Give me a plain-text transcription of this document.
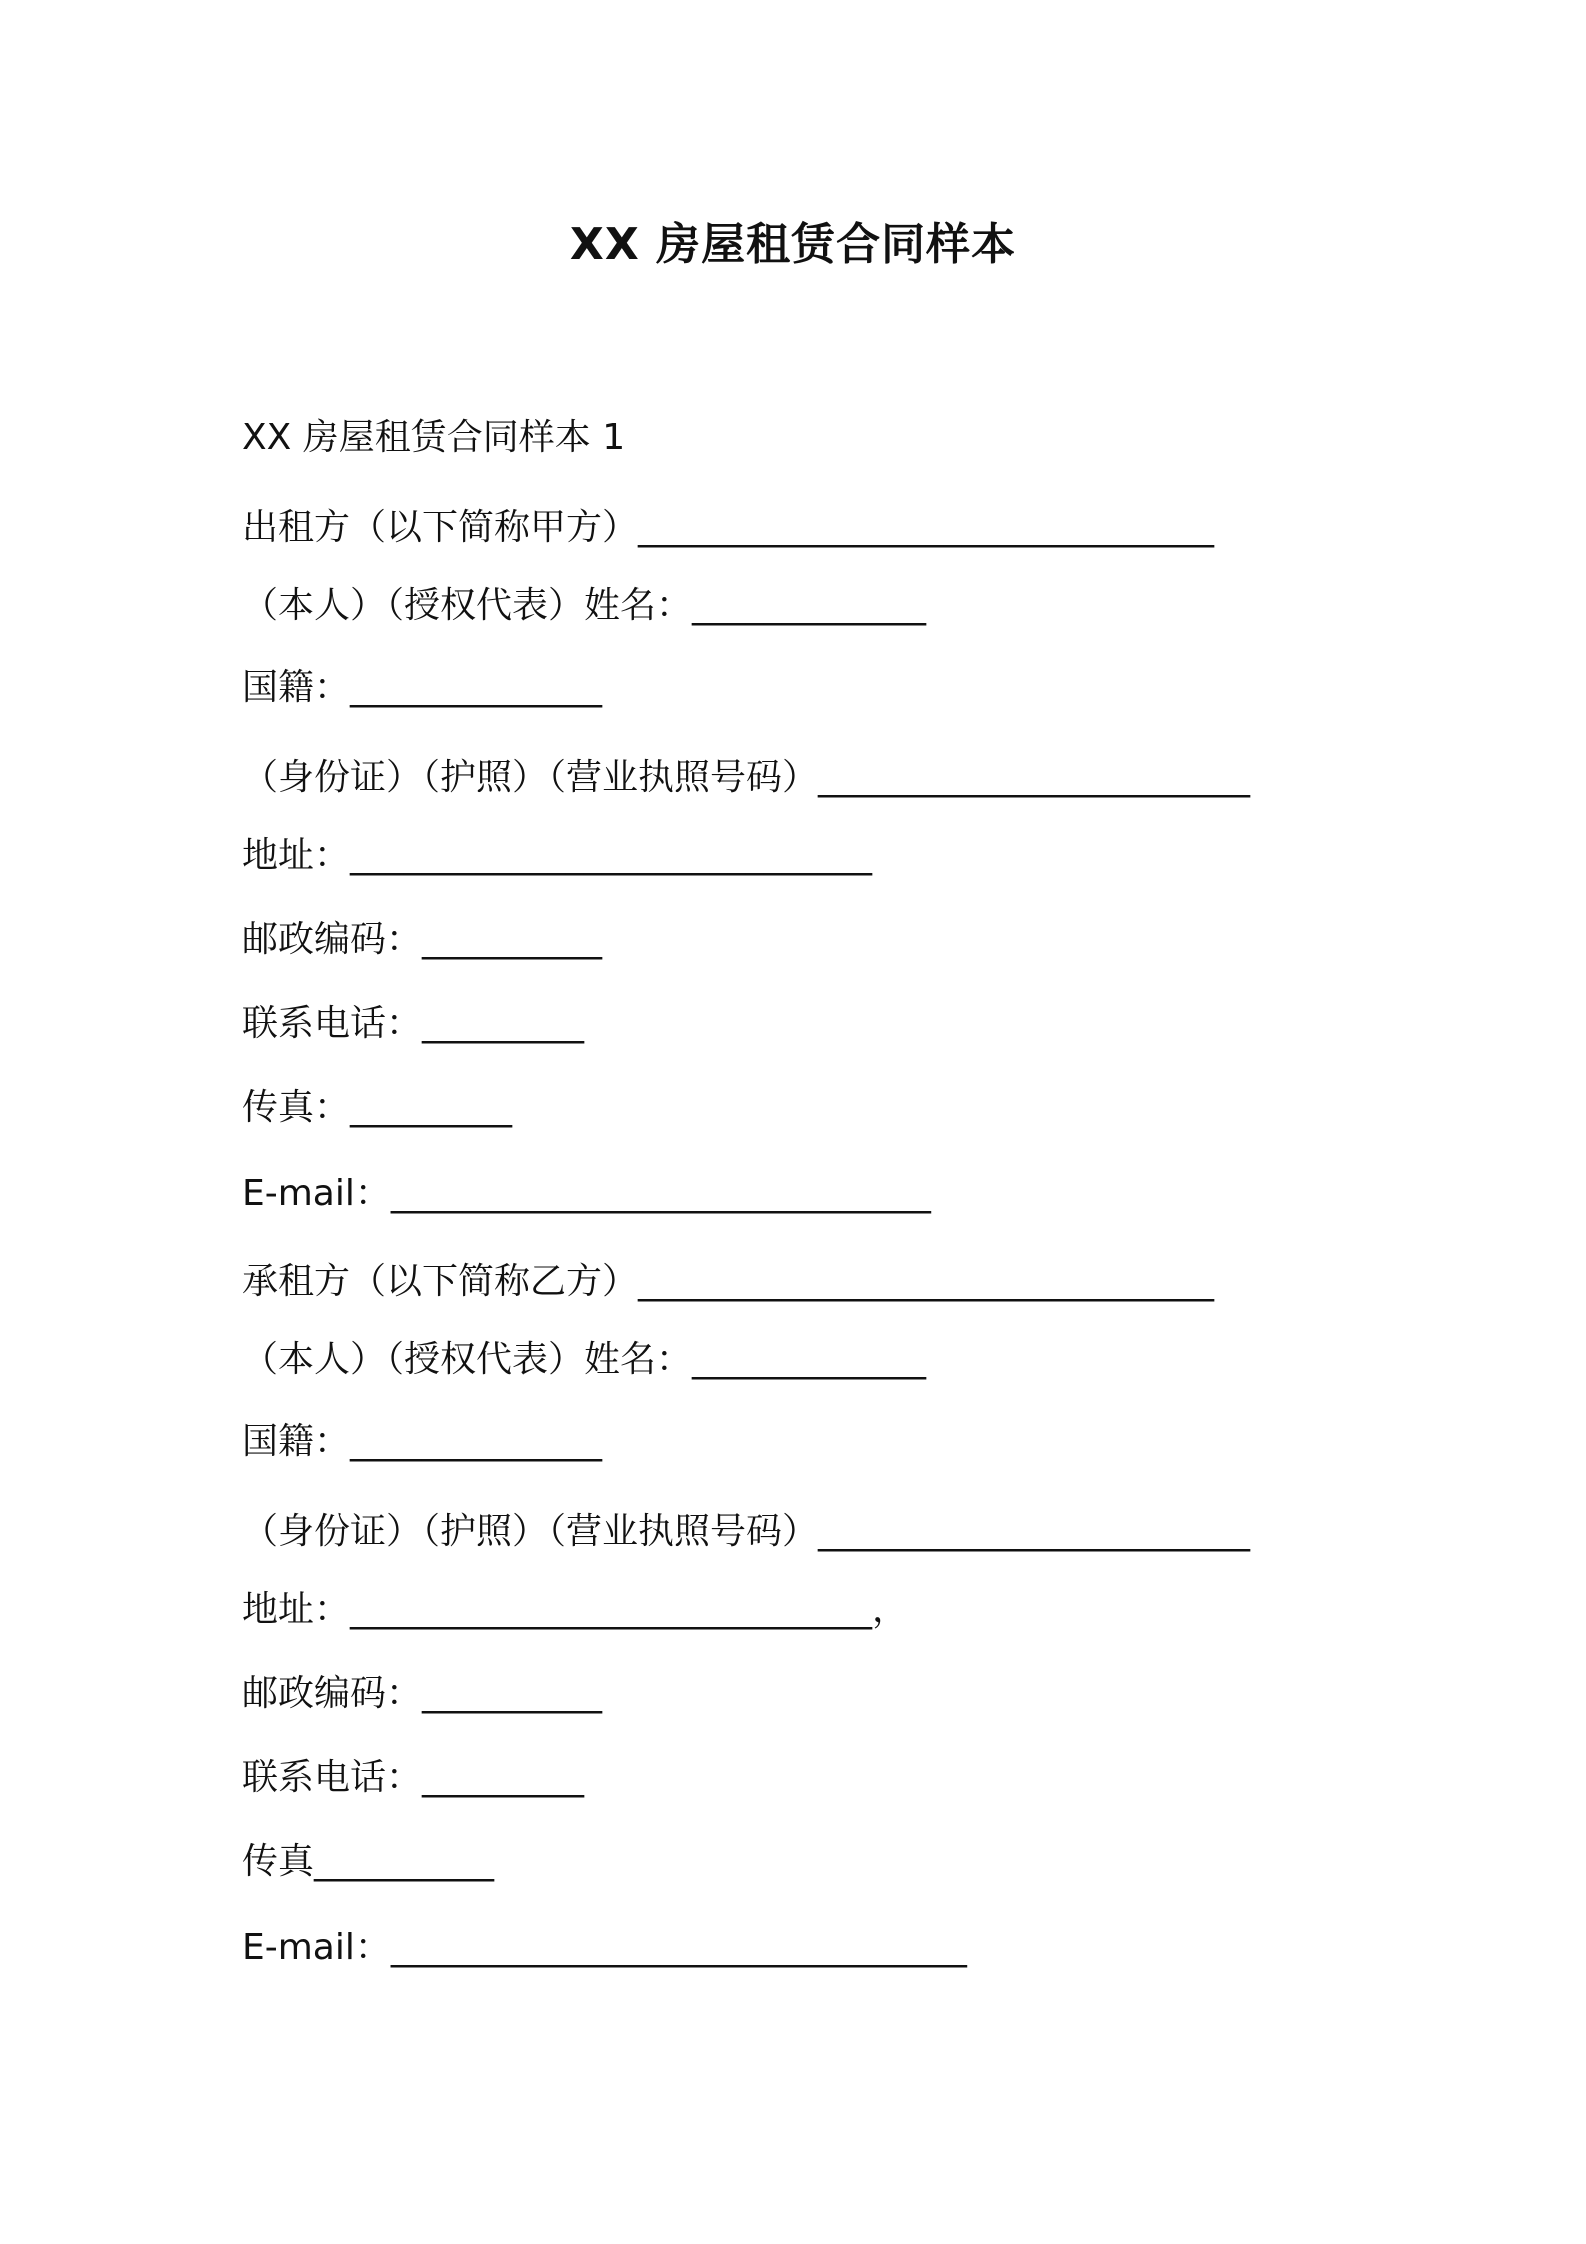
XX 房屋租赁合同样本
XX 房屋租赁合同样本 1
出租方（以下简称甲方）________________________________
（本人）（授权代表）姓名：_____________
国籍：______________
（身份证）（护照）（营业执照号码）________________________
地址：_____________________________
邮政编码：__________
联系电话：_________
传真：_________
E-mail：______________________________
承租方（以下简称乙方）________________________________
（本人）（授权代表）姓名：_____________
国籍：______________
（身份证）（护照）（营业执照号码）________________________
地址：_____________________________，
邮政编码：__________
联系电话：_________
传真__________
E-mail：________________________________
